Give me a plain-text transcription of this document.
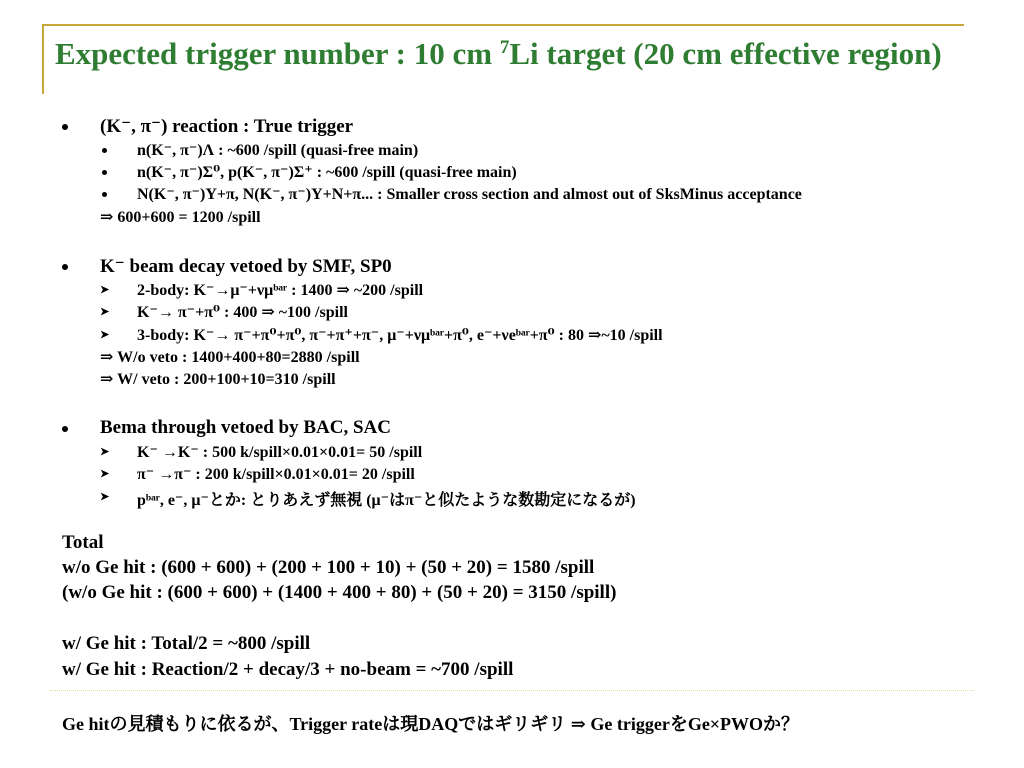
Expected trigger number : 10 cm $^7$Li target (20 cm effective region)
(K⁻, π⁻) reaction : True trigger
n(K⁻, π⁻)Λ : ~600 /spill (quasi-free main)
n(K⁻, π⁻)Σ⁰, p(K⁻, π⁻)Σ⁺ : ~600 /spill (quasi-free main)
N(K⁻, π⁻)Y+π, N(K⁻, π⁻)Y+N+π... : Smaller cross section and almost out of SksMinus acceptance
⇒ 600+600 = 1200 /spill
K⁻ beam decay vetoed by SMF, SP0
➤ 2-body: K⁻→μ⁻+νμᵇᵃʳ : 1400 ⇒ ~200 /spill
➤ K⁻→ π⁻+π⁰ : 400 ⇒ ~100 /spill
➤ 3-body: K⁻→ π⁻+π⁰+π⁰, π⁻+π⁺+π⁻, μ⁻+νμᵇᵃʳ+π⁰, e⁻+νeᵇᵃʳ+π⁰ : 80 ⇒~10 /spill
⇒ W/o veto : 1400+400+80=2880 /spill
⇒ W/ veto : 200+100+10=310 /spill
Bema through vetoed by BAC, SAC
➤ K⁻ →K⁻ : 500 k/spill×0.01×0.01= 50 /spill
➤ π⁻ →π⁻ : 200 k/spill×0.01×0.01= 20 /spill
➤ pᵇᵃʳ, e⁻, μ⁻とか: とりあえず無視 (μ⁻はπ⁻と似たような数勘定になるが)
Total
w/o Ge hit : (600 + 600) + (200 + 100 + 10) + (50 + 20) = 1580 /spill
(w/o Ge hit : (600 + 600) + (1400 + 400 + 80) + (50 + 20) = 3150 /spill)
w/ Ge hit : Total/2 = ~800 /spill
w/ Ge hit : Reaction/2 + decay/3 + no-beam = ~700 /spill
Ge hitの見積もりに依るが、Trigger rateは現DAQではギリギリ ⇒ Ge triggerをGe×PWOか？
